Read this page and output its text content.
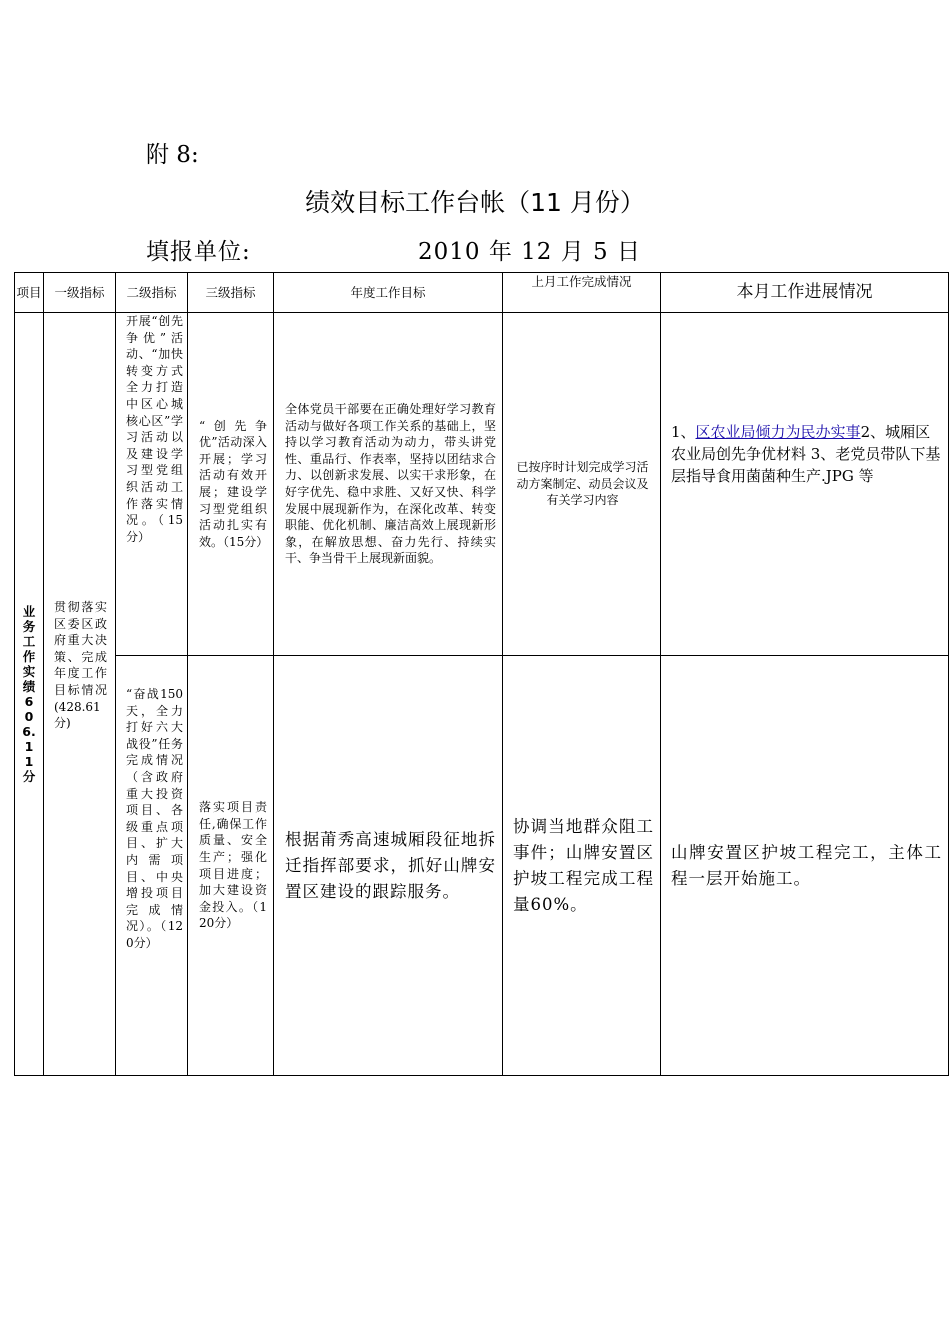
附 8:
绩效目标工作台帐（11 月份）
填报单位:	2010 年 12 月 5 日
项目	一级指标	二级指标	三级指标	年度工作目标	上月工作完成情况	本月工作进展情况
业务工作实绩606.11分	贯彻落实区委区政府重大决策、完成年度工作目标情况(428.61分)	开展“创先争优”活动、“加快转变方式全力打造中区心城核心区”学习活动以及建设学习型党组织活动工作落实情况。（15分）	“创先争优”活动深入开展；学习活动有效开展；建设学习型党组织活动扎实有效。（15分）	全体党员干部要在正确处理好学习教育活动与做好各项工作关系的基础上，坚持以学习教育活动为动力，带头讲党性、重品行、作表率，坚持以团结求合力、以创新求发展、以实干求形象，在好字优先、稳中求胜、又好又快、科学发展中展现新作为，在深化改革、转变职能、优化机制、廉洁高效上展现新形象，在解放思想、奋力先行、持续实干、争当骨干上展现新面貌。	已按序时计划完成学习活动方案制定、动员会议及有关学习内容	1、区农业局倾力为民办实事2、城厢区农业局创先争优材料 3、老党员带队下基层指导食用菌菌种生产.JPG 等

		“奋战150天，全力打好六大战役”任务完成情况（含政府重大投资项目、各级重点项目、扩大内需项目、中央增投项目完成情况）。（120分）	落实项目责任,确保工作质量、安全生产；强化项目进度；加大建设资金投入。（120分）	根据莆秀高速城厢段征地拆迁指挥部要求，抓好山牌安置区建设的跟踪服务。	协调当地群众阻工事件；山牌安置区护坡工程完成工程量60%。	山牌安置区护坡工程完工，主体工程一层开始施工。
